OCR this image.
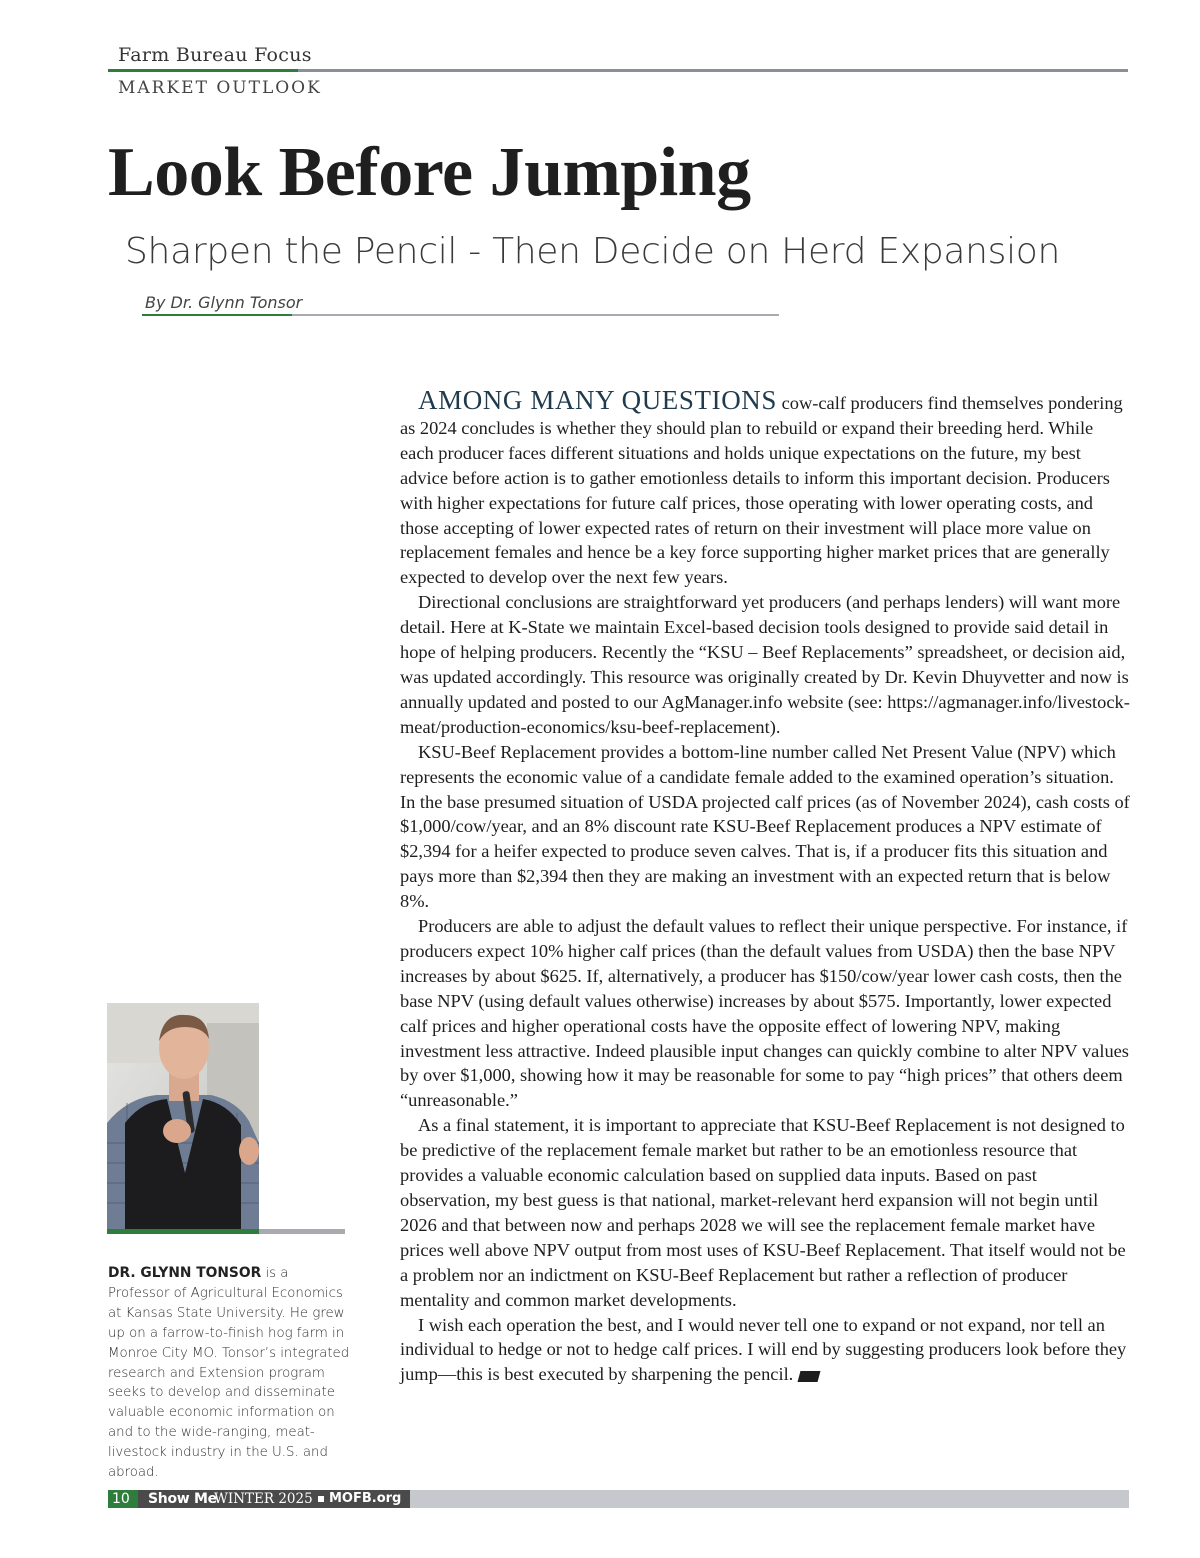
Farm Bureau Focus
MARKET OUTLOOK
Look Before Jumping
Sharpen the Pencil - Then Decide on Herd Expansion
By Dr. Glynn Tonsor

AMONG MANY QUESTIONS cow-calf producers find themselves pondering as 2024 concludes is whether they should plan to rebuild or expand their breeding herd. While each producer faces different situations and holds unique expectations on the future, my best advice before action is to gather emotionless details to inform this important decision. Producers with higher expectations for future calf prices, those operating with lower operating costs, and those accepting of lower expected rates of return on their investment will place more value on replacement females and hence be a key force supporting higher market prices that are generally expected to develop over the next few years.

Directional conclusions are straightforward yet producers (and perhaps lenders) will want more detail. Here at K-State we maintain Excel-based decision tools designed to provide said detail in hope of helping producers. Recently the “KSU – Beef Replacements” spreadsheet, or decision aid, was updated accordingly. This resource was originally created by Dr. Kevin Dhuyvetter and now is annually updated and posted to our AgManager.info website (see: https://agmanager.info/livestock-meat/production-economics/ksu-beef-replacement).

KSU-Beef Replacement provides a bottom-line number called Net Present Value (NPV) which represents the economic value of a candidate female added to the examined operation’s situation. In the base presumed situation of USDA projected calf prices (as of November 2024), cash costs of $1,000/cow/year, and an 8% discount rate KSU-Beef Replacement produces a NPV estimate of $2,394 for a heifer expected to produce seven calves. That is, if a producer fits this situation and pays more than $2,394 then they are making an investment with an expected return that is below 8%.

Producers are able to adjust the default values to reflect their unique perspective. For instance, if producers expect 10% higher calf prices (than the default values from USDA) then the base NPV increases by about $625. If, alternatively, a producer has $150/cow/year lower cash costs, then the base NPV (using default values otherwise) increases by about $575. Importantly, lower expected calf prices and higher operational costs have the opposite effect of lowering NPV, making investment less attractive. Indeed plausible input changes can quickly combine to alter NPV values by over $1,000, showing how it may be reasonable for some to pay “high prices” that others deem “unreasonable.”

As a final statement, it is important to appreciate that KSU-Beef Replacement is not designed to be predictive of the replacement female market but rather to be an emotionless resource that provides a valuable economic calculation based on supplied data inputs. Based on past observation, my best guess is that national, market-relevant herd expansion will not begin until 2026 and that between now and perhaps 2028 we will see the replacement female market have prices well above NPV output from most uses of KSU-Beef Replacement. That itself would not be a problem nor an indictment on KSU-Beef Replacement but rather a reflection of producer mentality and common market developments.

I wish each operation the best, and I would never tell one to expand or not expand, nor tell an individual to hedge or not to hedge calf prices. I will end by suggesting producers look before they jump—this is best executed by sharpening the pencil.

DR. GLYNN TONSOR is a Professor of Agricultural Economics at Kansas State University. He grew up on a farrow-to-finish hog farm in Monroe City MO. Tonsor’s integrated research and Extension program seeks to develop and disseminate valuable economic information on and to the wide-ranging, meat-livestock industry in the U.S. and abroad.
10 Show Me
WINTER 2025 MOFB.org
